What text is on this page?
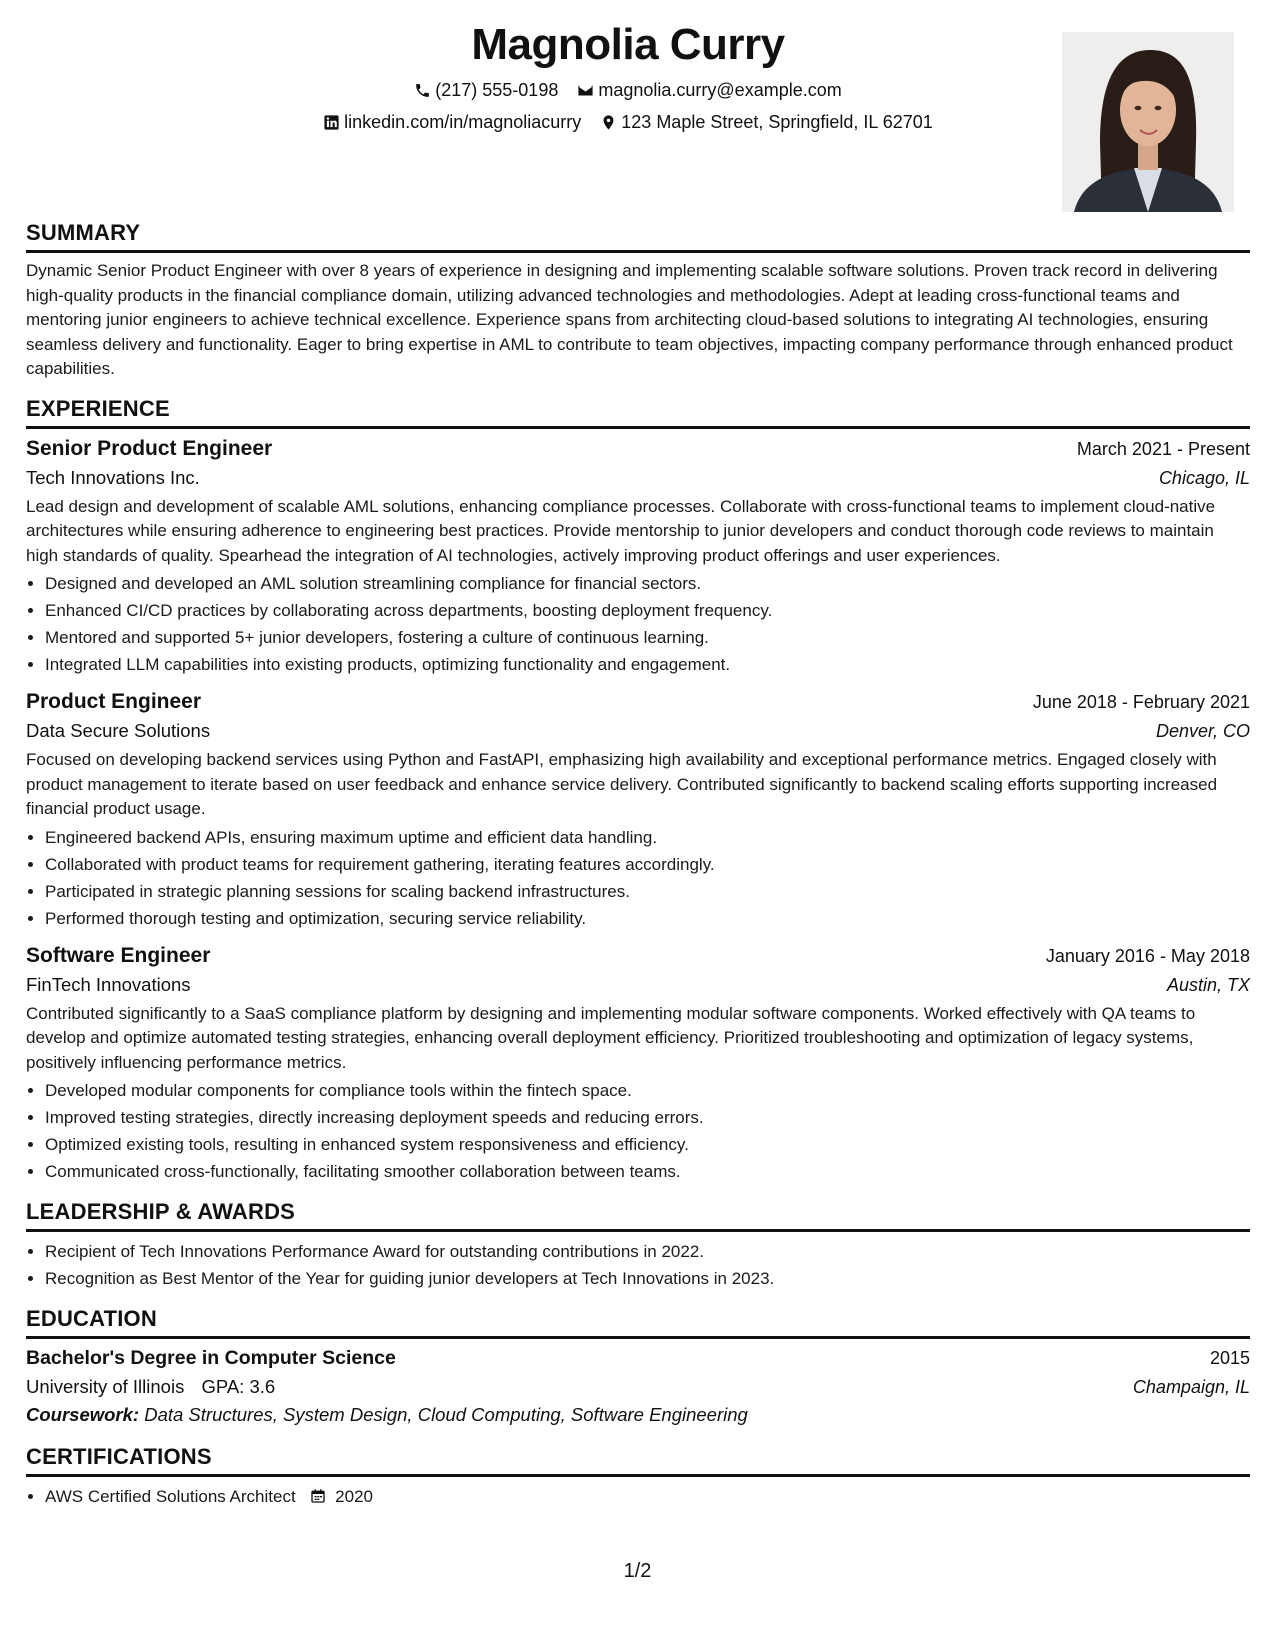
Magnolia Curry
(217) 555-0198
magnolia.curry@example.com
linkedin.com/in/magnoliacurry
123 Maple Street, Springfield, IL 62701
SUMMARY

Dynamic Senior Product Engineer with over 8 years of experience in designing and implementing scalable software solutions. Proven track record in delivering high-quality products in the financial compliance domain, utilizing advanced technologies and methodologies. Adept at leading cross-functional teams and mentoring junior engineers to achieve technical excellence. Experience spans from architecting cloud-based solutions to integrating AI technologies, ensuring seamless delivery and functionality. Eager to bring expertise in AML to contribute to team objectives, impacting company performance through enhanced product capabilities.

EXPERIENCE
Senior Product Engineer	March 2021 - Present
Tech Innovations Inc.	Chicago, IL

Lead design and development of scalable AML solutions, enhancing compliance processes. Collaborate with cross-functional teams to implement cloud-native architectures while ensuring adherence to engineering best practices. Provide mentorship to junior developers and conduct thorough code reviews to maintain high standards of quality. Spearhead the integration of AI technologies, actively improving product offerings and user experiences.

• Designed and developed an AML solution streamlining compliance for financial sectors.
• Enhanced CI/CD practices by collaborating across departments, boosting deployment frequency.
• Mentored and supported 5+ junior developers, fostering a culture of continuous learning.
• Integrated LLM capabilities into existing products, optimizing functionality and engagement.
Product Engineer	June 2018 - February 2021
Data Secure Solutions	Denver, CO

Focused on developing backend services using Python and FastAPI, emphasizing high availability and exceptional performance metrics. Engaged closely with product management to iterate based on user feedback and enhance service delivery. Contributed significantly to backend scaling efforts supporting increased financial product usage.

• Engineered backend APIs, ensuring maximum uptime and efficient data handling.
• Collaborated with product teams for requirement gathering, iterating features accordingly.
• Participated in strategic planning sessions for scaling backend infrastructures.
• Performed thorough testing and optimization, securing service reliability.
Software Engineer	January 2016 - May 2018
FinTech Innovations	Austin, TX

Contributed significantly to a SaaS compliance platform by designing and implementing modular software components. Worked effectively with QA teams to develop and optimize automated testing strategies, enhancing overall deployment efficiency. Prioritized troubleshooting and optimization of legacy systems, positively influencing performance metrics.

• Developed modular components for compliance tools within the fintech space.
• Improved testing strategies, directly increasing deployment speeds and reducing errors.
• Optimized existing tools, resulting in enhanced system responsiveness and efficiency.
• Communicated cross-functionally, facilitating smoother collaboration between teams.
LEADERSHIP & AWARDS
• Recipient of Tech Innovations Performance Award for outstanding contributions in 2022.
• Recognition as Best Mentor of the Year for guiding junior developers at Tech Innovations in 2023.
EDUCATION
Bachelor's Degree in Computer Science	2015
University of Illinois GPA: 3.6	Champaign, IL
Coursework: Data Structures, System Design, Cloud Computing, Software Engineering
CERTIFICATIONS
• AWS Certified Solutions Architect 2020
1/2
